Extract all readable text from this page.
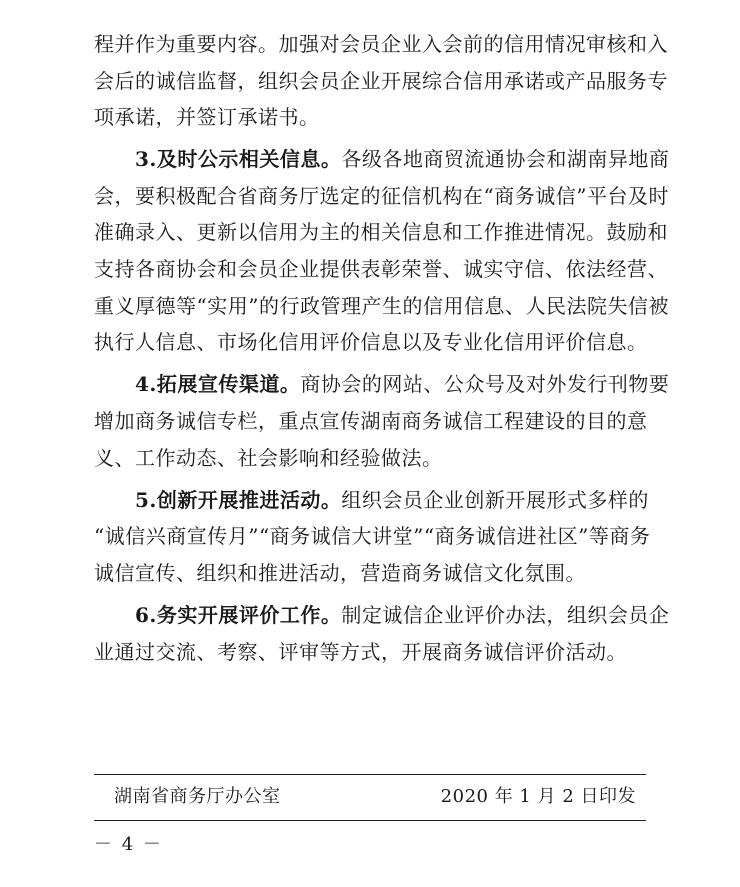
程并作为重要内容。加强对会员企业入会前的信用情况审核和入
会后的诚信监督，组织会员企业开展综合信用承诺或产品服务专
项承诺，并签订承诺书。
3.及时公示相关信息。各级各地商贸流通协会和湖南异地商
会，要积极配合省商务厅选定的征信机构在“商务诚信”平台及时
准确录入、更新以信用为主的相关信息和工作推进情况。鼓励和
支持各商协会和会员企业提供表彰荣誉、诚实守信、依法经营、
重义厚德等“实用”的行政管理产生的信用信息、人民法院失信被
执行人信息、市场化信用评价信息以及专业化信用评价信息。
4.拓展宣传渠道。商协会的网站、公众号及对外发行刊物要
增加商务诚信专栏，重点宣传湖南商务诚信工程建设的目的意
义、工作动态、社会影响和经验做法。
5.创新开展推进活动。组织会员企业创新开展形式多样的
“诚信兴商宣传月”“商务诚信大讲堂”“商务诚信进社区”等商务
诚信宣传、组织和推进活动，营造商务诚信文化氛围。
6.务实开展评价工作。制定诚信企业评价办法，组织会员企
业通过交流、考察、评审等方式，开展商务诚信评价活动。
湖南省商务厅办公室	2020 年 1 月 2 日印发
－ 4 －
